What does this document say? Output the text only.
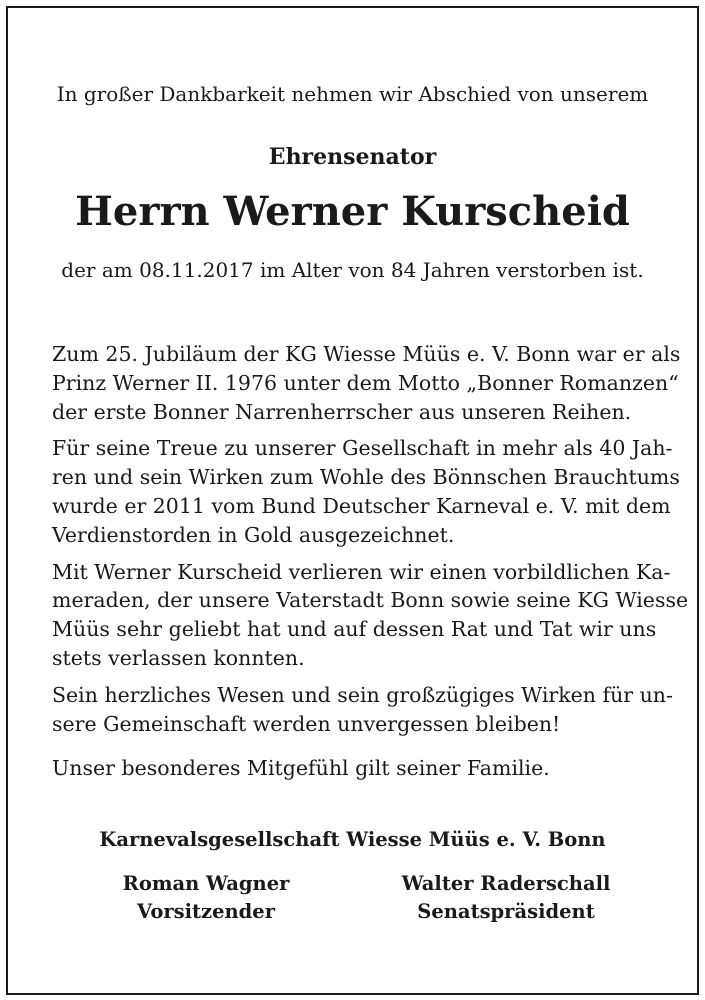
In großer Dankbarkeit nehmen wir Abschied von unserem
Ehrensenator
Herrn Werner Kurscheid
der am 08.11.2017 im Alter von 84 Jahren verstorben ist.

Zum 25. Jubiläum der KG Wiesse Müüs e. V. Bonn war er als
Prinz Werner II. 1976 unter dem Motto „Bonner Romanzen“
der erste Bonner Narrenherrscher aus unseren Reihen.

Für seine Treue zu unserer Gesellschaft in mehr als 40 Jah-
ren und sein Wirken zum Wohle des Bönnschen Brauchtums
wurde er 2011 vom Bund Deutscher Karneval e. V. mit dem
Verdienstorden in Gold ausgezeichnet.

Mit Werner Kurscheid verlieren wir einen vorbildlichen Ka-
meraden, der unsere Vaterstadt Bonn sowie seine KG Wiesse
Müüs sehr geliebt hat und auf dessen Rat und Tat wir uns
stets verlassen konnten.

Sein herzliches Wesen und sein großzügiges Wirken für un-
sere Gemeinschaft werden unvergessen bleiben!

Unser besonderes Mitgefühl gilt seiner Familie.
Karnevalsgesellschaft Wiesse Müüs e. V. Bonn
Roman Wagner
Vorsitzender
Walter Raderschall
Senatspräsident
